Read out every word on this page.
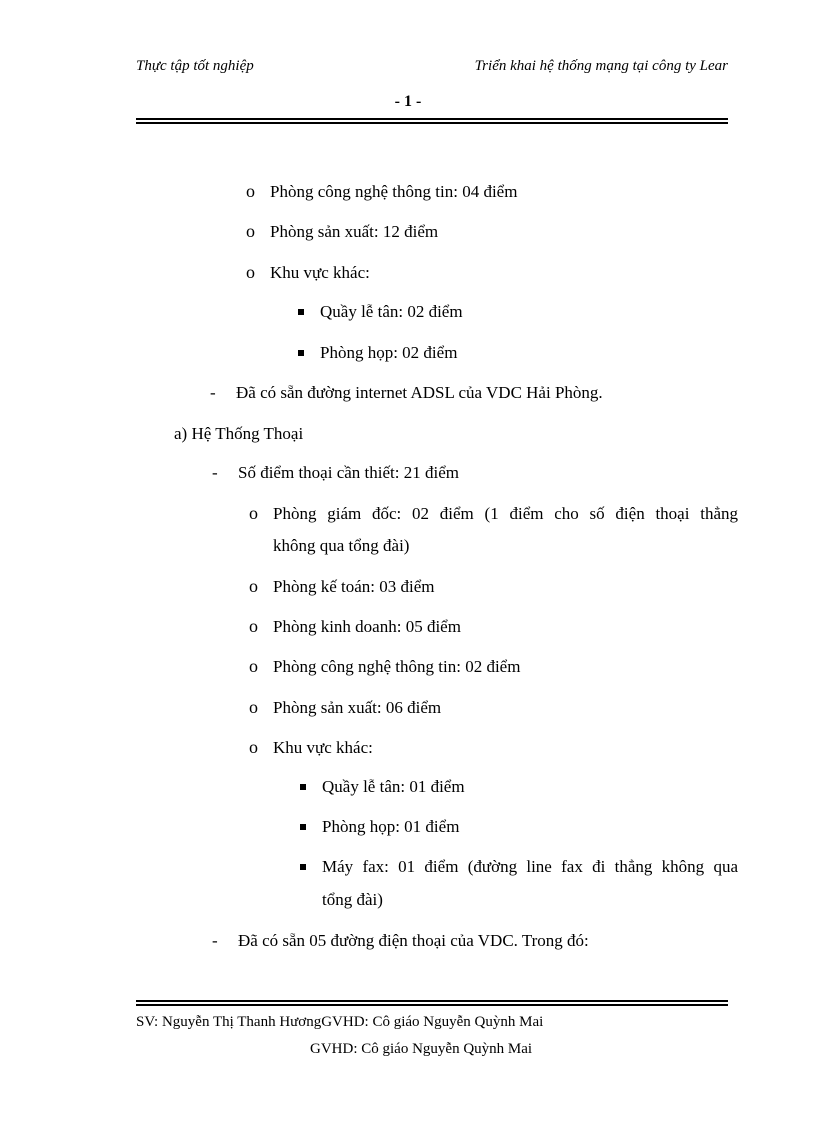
Thực tập tốt nghiệp	Triển khai hệ thống mạng tại công ty Lear
- 1 -
o Phòng công nghệ thông tin: 04 điểm
o Phòng sản xuất: 12 điểm
o Khu vực khác:
Quầy lễ tân: 02 điểm
Phòng họp: 02 điểm
- Đã có sẵn đường internet ADSL của VDC Hải Phòng.
a) Hệ Thống Thoại
- Số điểm thoại cần thiết: 21 điểm
o Phòng giám đốc: 02 điểm (1 điểm cho số điện thoại thẳng
không qua tổng đài)
o Phòng kế toán: 03 điểm
o Phòng kinh doanh: 05 điểm
o Phòng công nghệ thông tin: 02 điểm
o Phòng sản xuất: 06 điểm
o Khu vực khác:
Quầy lễ tân: 01 điểm
Phòng họp: 01 điểm
Máy fax: 01 điểm (đường line fax đi thẳng không qua
tổng đài)
- Đã có sẵn 05 đường điện thoại của VDC. Trong đó:
SV: Nguyễn Thị Thanh HươngGVHD: Cô giáo Nguyễn Quỳnh Mai
GVHD: Cô giáo Nguyễn Quỳnh Mai
